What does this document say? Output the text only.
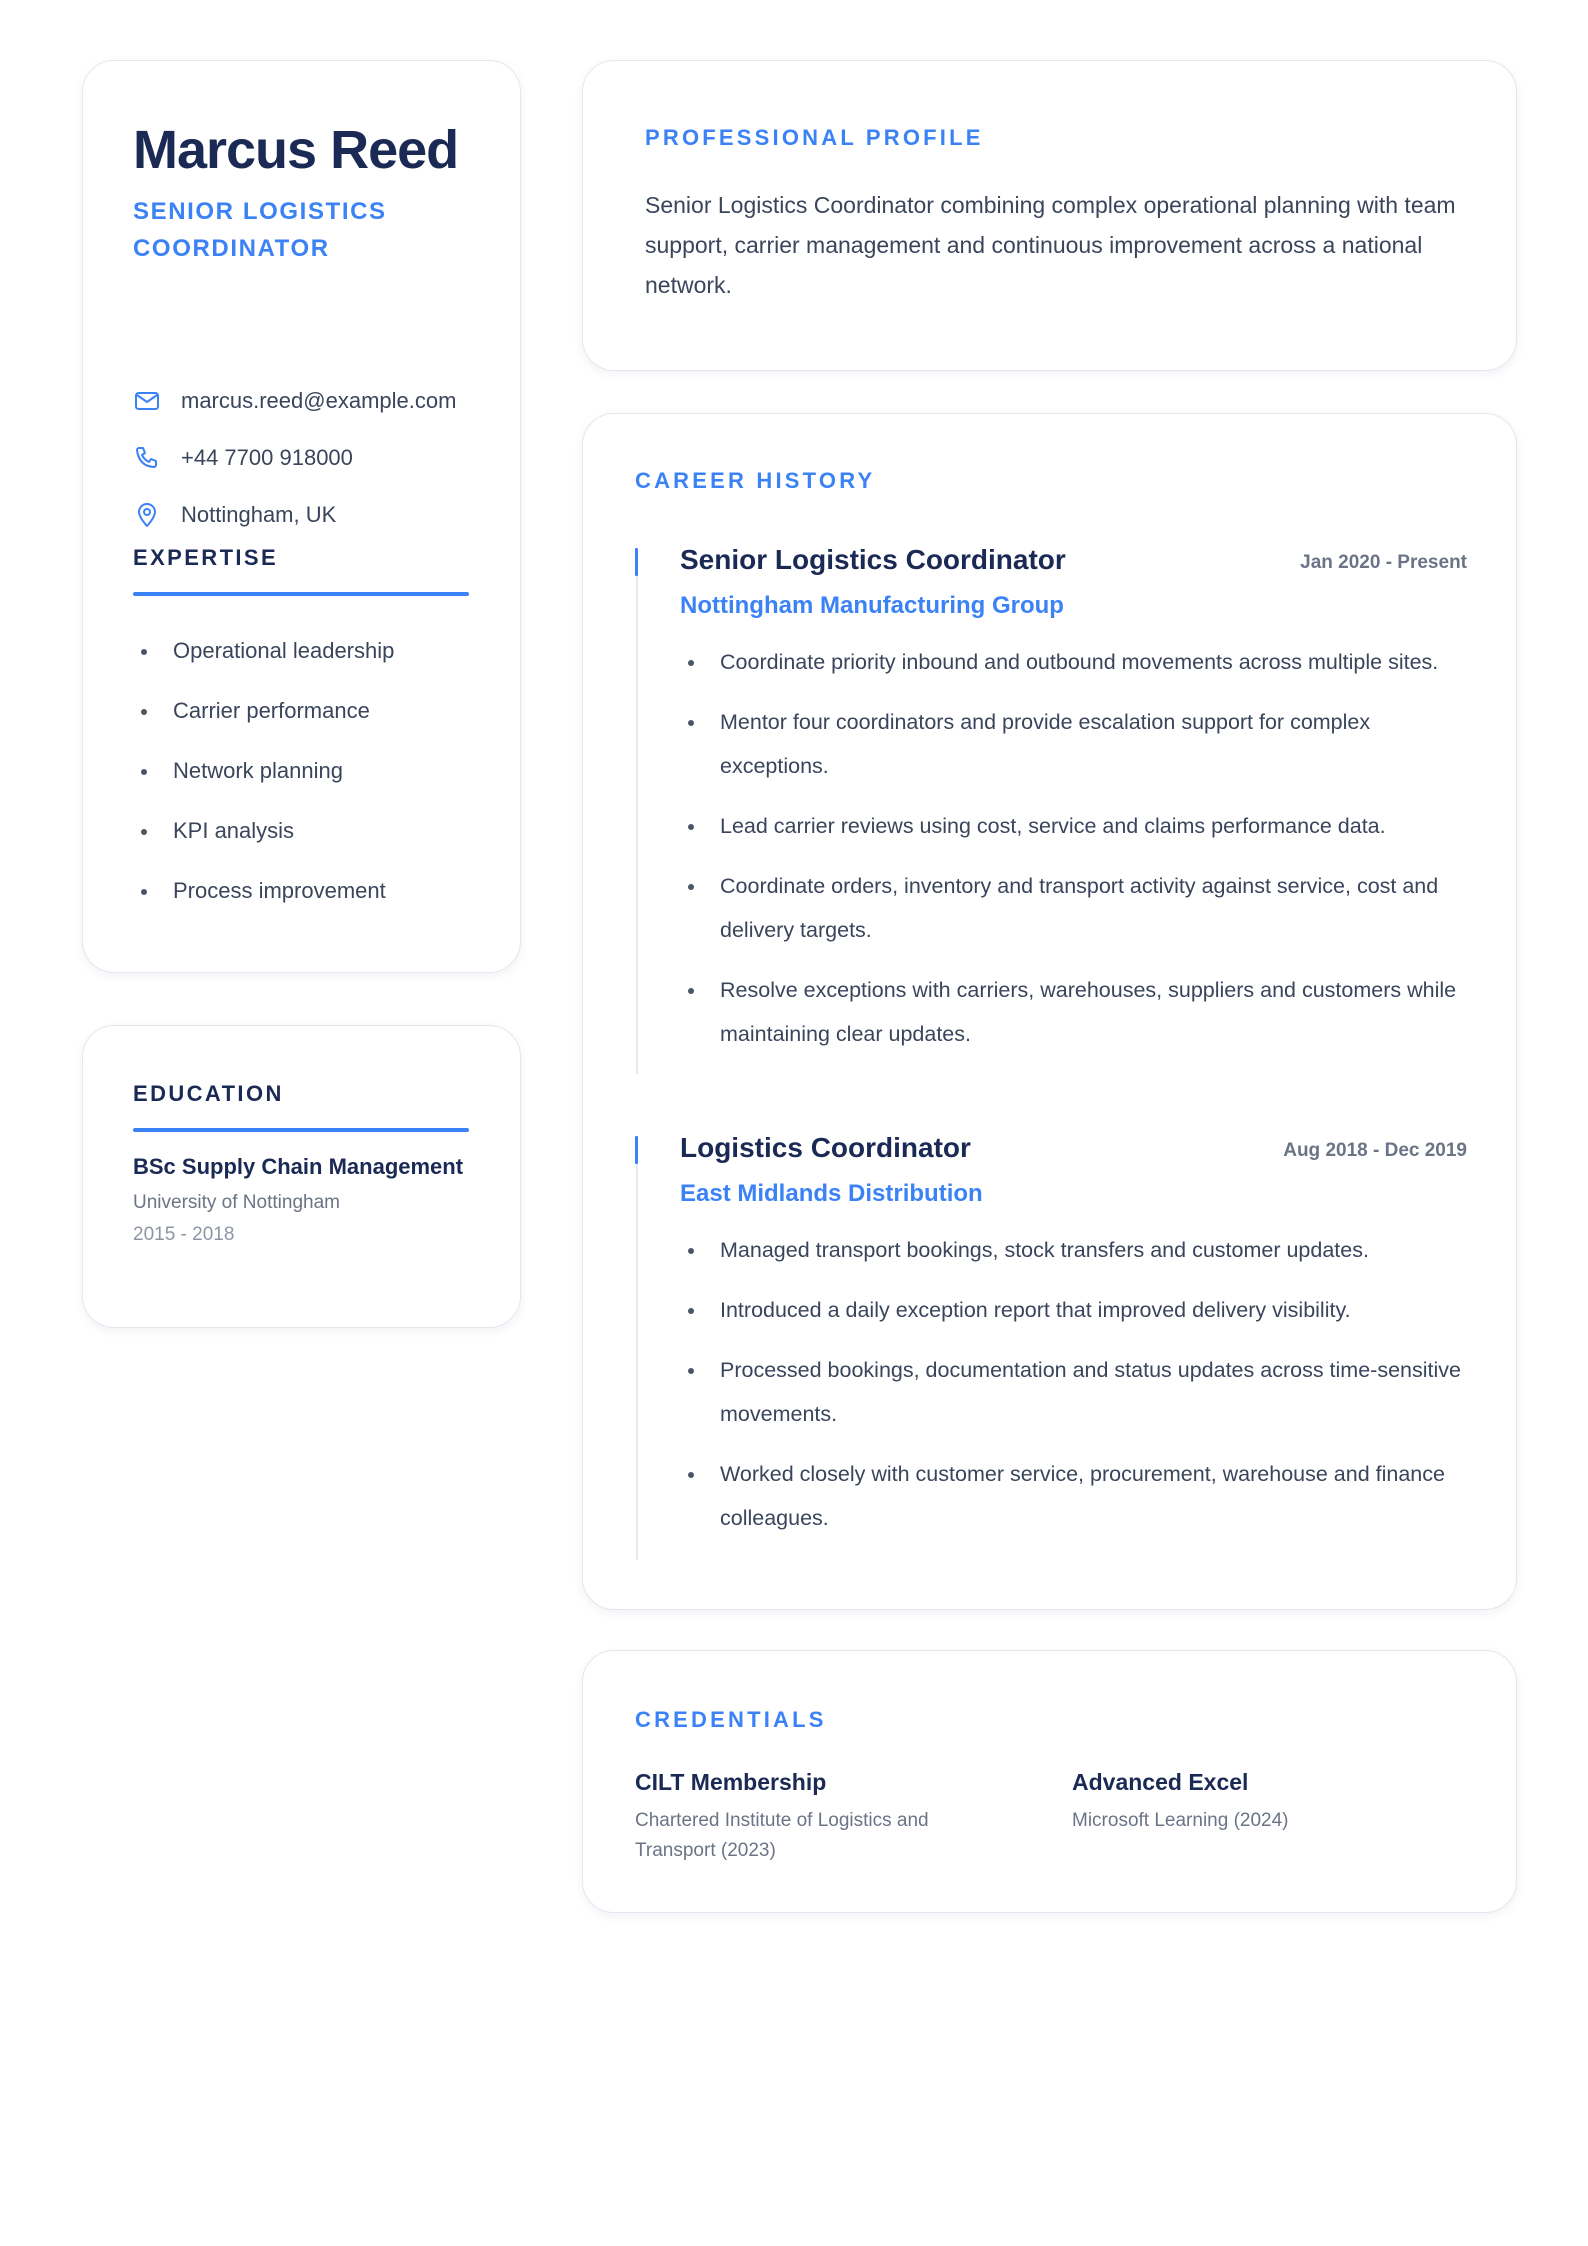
Marcus Reed
SENIOR LOGISTICS COORDINATOR
marcus.reed@example.com
+44 7700 918000
Nottingham, UK
EXPERTISE
Operational leadership
Carrier performance
Network planning
KPI analysis
Process improvement
EDUCATION
BSc Supply Chain Management
University of Nottingham
2015 - 2018
PROFESSIONAL PROFILE
Senior Logistics Coordinator combining complex operational planning with team support, carrier management and continuous improvement across a national network.
CAREER HISTORY
Senior Logistics Coordinator	Jan 2020 - Present
Nottingham Manufacturing Group
Coordinate priority inbound and outbound movements across multiple sites.
Mentor four coordinators and provide escalation support for complex exceptions.
Lead carrier reviews using cost, service and claims performance data.
Coordinate orders, inventory and transport activity against service, cost and delivery targets.
Resolve exceptions with carriers, warehouses, suppliers and customers while maintaining clear updates.
Logistics Coordinator	Aug 2018 - Dec 2019
East Midlands Distribution
Managed transport bookings, stock transfers and customer updates.
Introduced a daily exception report that improved delivery visibility.
Processed bookings, documentation and status updates across time-sensitive movements.
Worked closely with customer service, procurement, warehouse and finance colleagues.
CREDENTIALS
CILT Membership
Chartered Institute of Logistics and Transport (2023)
Advanced Excel
Microsoft Learning (2024)
